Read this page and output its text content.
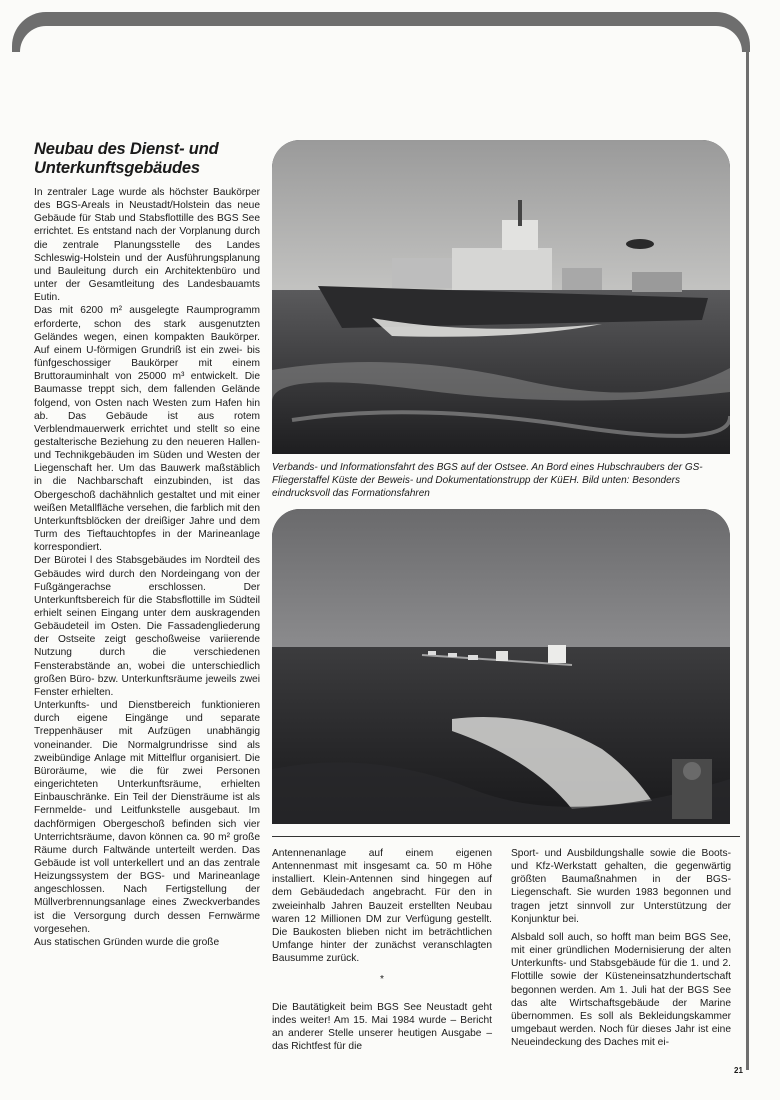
Neubau des Dienst- und Unterkunftsgebäudes

In zentraler Lage wurde als höchster Baukörper des BGS-Areals in Neustadt/Holstein das neue Gebäude für Stab und Stabsflottille des BGS See errichtet. Es entstand nach der Vorplanung durch die zentrale Planungsstelle des Landes Schleswig-Holstein und der Ausführungsplanung und Bauleitung durch ein Architektenbüro und unter der Gesamtleitung des Landesbauamts Eutin.

Das mit 6200 m² ausgelegte Raumprogramm erforderte, schon des stark ausgenutzten Geländes wegen, einen kompakten Baukörper. Auf einem U-förmigen Grundriß ist ein zwei- bis fünfgeschossiger Baukörper mit einem Bruttorauminhalt von 25000 m³ entwickelt. Die Baumasse treppt sich, dem fallenden Gelände folgend, von Osten nach Westen zum Hafen hin ab. Das Gebäude ist aus rotem Verblendmauerwerk errichtet und stellt so eine gestalterische Beziehung zu den neueren Hallen- und Technikgebäuden im Süden und Westen der Liegenschaft her. Um das Bauwerk maßstäblich in die Nachbarschaft einzubinden, ist das Obergeschoß dachähnlich gestaltet und mit einer weißen Metallfläche versehen, die farblich mit den Unterkunftsblöcken der dreißiger Jahre und dem Turm des Tieftauchtopfes in der Marineanlage korrespondiert.

Der Bürotei l des Stabsgebäudes im Nordteil des Gebäudes wird durch den Nordeingang von der Fußgängerachse erschlossen. Der Unterkunftsbereich für die Stabsflottille im Südteil erhielt seinen Eingang unter dem auskragenden Gebäudeteil im Osten. Die Fassadengliederung der Ostseite zeigt geschoßweise variierende Nutzung durch die verschiedenen Fensterabstände an, wobei die unterschiedlich großen Büro- bzw. Unterkunftsräume jeweils zwei Fenster erhielten.

Unterkunfts- und Dienstbereich funktionieren durch eigene Eingänge und separate Treppenhäuser mit Aufzügen unabhängig voneinander. Die Normalgrundrisse sind als zweibündige Anlage mit Mittelflur organisiert. Die Büroräume, wie die für zwei Personen eingerichteten Unterkunftsräume, erhielten Einbauschränke. Ein Teil der Diensträume ist als Fernmelde- und Leitfunkstelle ausgebaut. Im dachförmigen Obergeschoß befinden sich vier Unterrichtsräume, davon können ca. 90 m² große Räume durch Faltwände unterteilt werden. Das Gebäude ist voll unterkellert und an das zentrale Heizungssystem der BGS- und Marineanlage angeschlossen. Nach Fertigstellung der Müllverbrennungsanlage eines Zweckverbandes ist die Versorgung durch dessen Fernwärme vorgesehen.

Aus statischen Gründen wurde die große

Verbands- und Informationsfahrt des BGS auf der Ostsee. An Bord eines Hubschraubers der GS-Fliegerstaffel Küste der Beweis- und Dokumentationstrupp der KüEH. Bild unten: Besonders eindrucksvoll das Formationsfahren

Antennenanlage auf einem eigenen Antennenmast mit insgesamt ca. 50 m Höhe installiert. Klein-Antennen sind hingegen auf dem Gebäudedach angebracht. Für den in zweieinhalb Jahren Bauzeit erstellten Neubau waren 12 Millionen DM zur Verfügung gestellt. Die Baukosten blieben nicht im beträchtlichen Umfange hinter der zunächst veranschlagten Bausumme zurück.

*

Die Bautätigkeit beim BGS See Neustadt geht indes weiter! Am 15. Mai 1984 wurde – Bericht an anderer Stelle unserer heutigen Ausgabe – das Richtfest für die

Sport- und Ausbildungshalle sowie die Boots- und Kfz-Werkstatt gehalten, die gegenwärtig größten Baumaßnahmen in der BGS-Liegenschaft. Sie wurden 1983 begonnen und tragen jetzt sinnvoll zur Unterstützung der Konjunktur bei.

Alsbald soll auch, so hofft man beim BGS See, mit einer gründlichen Modernisierung der alten Unterkunfts- und Stabsgebäude für die 1. und 2. Flottille sowie der Küsteneinsatzhundertschaft begonnen werden. Am 1. Juli hat der BGS See das alte Wirtschaftsgebäude der Marine übernommen. Es soll als Bekleidungskammer umgebaut werden. Noch für dieses Jahr ist eine Neueindeckung des Daches mit ei-

21
